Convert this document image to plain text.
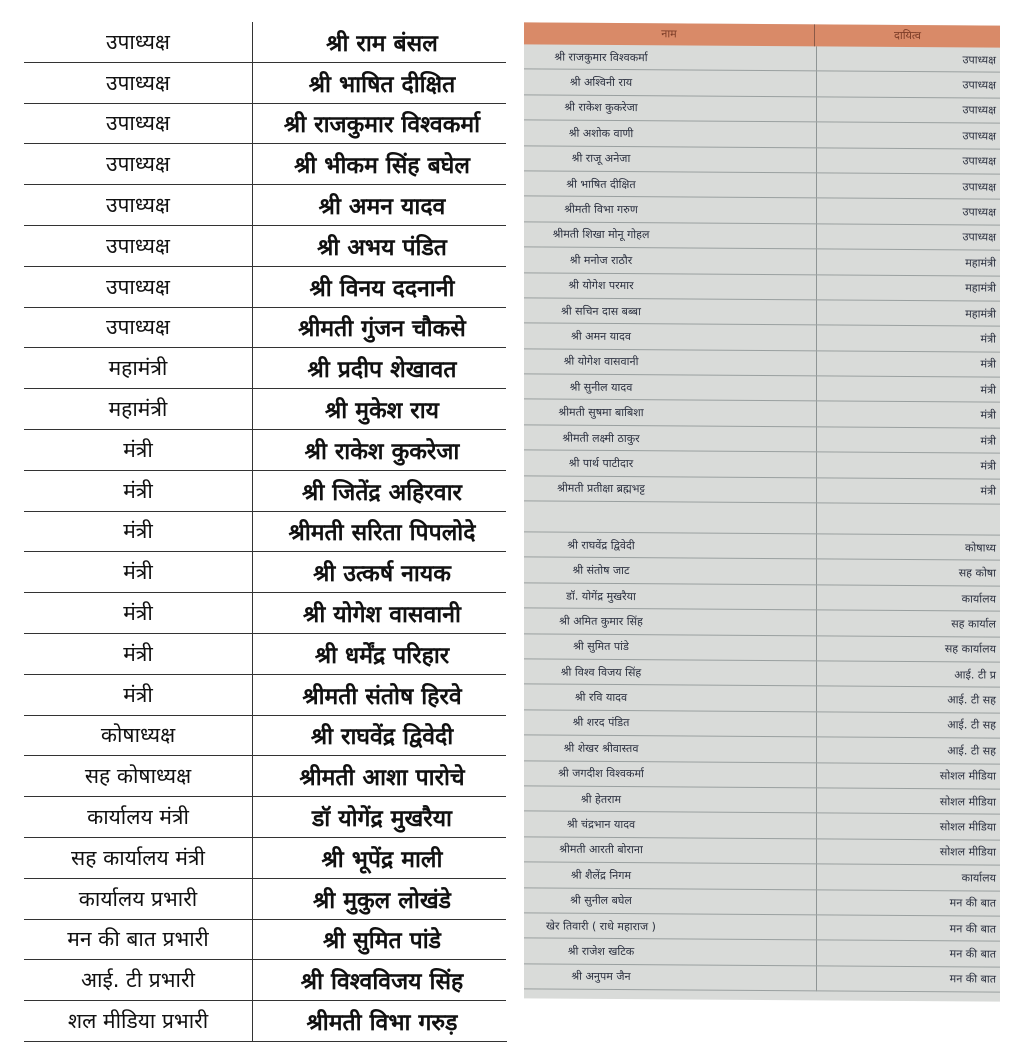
उपाध्यक्ष	श्री राम बंसल
उपाध्यक्ष	श्री भाषित दीक्षित
उपाध्यक्ष	श्री राजकुमार विश्वकर्मा
उपाध्यक्ष	श्री भीकम सिंह बघेल
उपाध्यक्ष	श्री अमन यादव
उपाध्यक्ष	श्री अभय पंडित
उपाध्यक्ष	श्री विनय ददनानी
उपाध्यक्ष	श्रीमती गुंजन चौकसे
महामंत्री	श्री प्रदीप शेखावत
महामंत्री	श्री मुकेश राय
मंत्री	श्री राकेश कुकरेजा
मंत्री	श्री जितेंद्र अहिरवार
मंत्री	श्रीमती सरिता पिपलोदे
मंत्री	श्री उत्कर्ष नायक
मंत्री	श्री योगेश वासवानी
मंत्री	श्री धर्मेंद्र परिहार
मंत्री	श्रीमती संतोष हिरवे
कोषाध्यक्ष	श्री राघवेंद्र द्विवेदी
सह कोषाध्यक्ष	श्रीमती आशा पारोचे
कार्यालय मंत्री	डॉ योगेंद्र मुखरैया
सह कार्यालय मंत्री	श्री भूपेंद्र माली
कार्यालय प्रभारी	श्री मुकुल लोखंडे
मन की बात प्रभारी	श्री सुमित पांडे
आई. टी प्रभारी	श्री विश्वविजय सिंह
शल मीडिया प्रभारी	श्रीमती विभा गरुड़
नाम	दायित्व
श्री राजकुमार विश्वकर्मा	उपाध्यक्ष
श्री अश्विनी राय	उपाध्यक्ष
श्री राकेश कुकरेजा	उपाध्यक्ष
श्री अशोक वाणी	उपाध्यक्ष
श्री राजू अनेजा	उपाध्यक्ष
श्री भाषित दीक्षित	उपाध्यक्ष
श्रीमती विभा गरुण	उपाध्यक्ष
श्रीमती शिखा मोनू गोहल	उपाध्यक्ष
श्री मनोज राठौर	महामंत्री
श्री योगेश परमार	महामंत्री
श्री सचिन दास बब्बा	महामंत्री
श्री अमन यादव	मंत्री
श्री योगेश वासवानी	मंत्री
श्री सुनील यादव	मंत्री
श्रीमती सुषमा बाबिशा	मंत्री
श्रीमती लक्ष्मी ठाकुर	मंत्री
श्री पार्थ पाटीदार	मंत्री
श्रीमती प्रतीक्षा ब्रह्मभट्ट	मंत्री

श्री राघवेंद्र द्विवेदी	कोषाध्य
श्री संतोष जाट	सह कोषा
डॉ. योगेंद्र मुखरैया	कार्यालय
श्री अमित कुमार सिंह	सह कार्याल
श्री सुमित पांडे	सह कार्यालय
श्री विश्व विजय सिंह	आई. टी प्र
श्री रवि यादव	आई. टी सह
श्री शरद पंडित	आई. टी सह
श्री शेखर श्रीवास्तव	आई. टी सह
श्री जगदीश विश्वकर्मा	सोशल मीडिया
श्री हेतराम	सोशल मीडिया
श्री चंद्रभान यादव	सोशल मीडिया
श्रीमती आरती बोराना	सोशल मीडिया
श्री शैलेंद्र निगम	कार्यालय
श्री सुनील बघेल	मन की बात
खेर तिवारी ( राधे महाराज )	मन की बात
श्री राजेश खटिक	मन की बात
श्री अनुपम जैन	मन की बात
